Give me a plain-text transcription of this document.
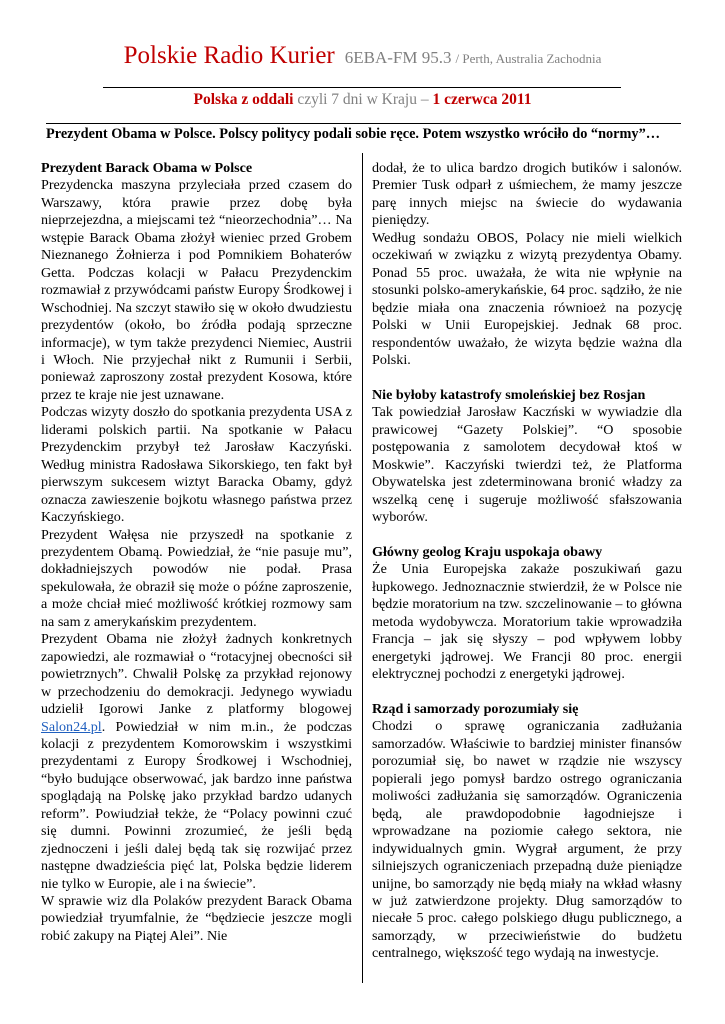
Polskie Radio Kurier 6EBA-FM 95.3 / Perth, Australia Zachodnia
Polska z oddali czyli 7 dni w Kraju – 1 czerwca 2011
Prezydent Obama w Polsce. Polscy politycy podali sobie ręce. Potem wszystko wróciło do “normy”…
Prezydent Barack Obama w Polsce

Prezydencka maszyna przyleciała przed czasem do Warszawy, która prawie przez dobę była nieprzejezdna, a miejscami też “nieorzechodnia”… Na wstępie Barack Obama złożył wieniec przed Grobem Nieznanego Żołnierza i pod Pomnikiem Bohaterów Getta. Podczas kolacji w Pałacu Prezydenckim rozmawiał z przywódcami państw Europy Środkowej i Wschodniej. Na szczyt stawiło się w około dwudziestu prezydentów (około, bo źródła podają sprzeczne informacje), w tym także prezydenci Niemiec, Austrii i Włoch. Nie przyjechał nikt z Rumunii i Serbii, ponieważ zaproszony został prezydent Kosowa, które przez te kraje nie jest uznawane.

Podczas wizyty doszło do spotkania prezydenta USA z liderami polskich partii. Na spotkanie w Pałacu Prezydenckim przybył też Jarosław Kaczyński. Według ministra Radosława Sikorskiego, ten fakt był pierwszym sukcesem wiztyt Baracka Obamy, gdyż oznacza zawieszenie bojkotu własnego państwa przez Kaczyńskiego.

Prezydent Wałęsa nie przyszedł na spotkanie z prezydentem Obamą. Powiedział, że “nie pasuje mu”, dokładniejszych powodów nie podał. Prasa spekulowała, że obraził się może o późne zaproszenie, a może chciał mieć możliwość krótkiej rozmowy sam na sam z amerykańskim prezydentem.

Prezydent Obama nie złożył żadnych konkretnych zapowiedzi, ale rozmawiał o “rotacyjnej obecności sił powietrznych”. Chwalił Polskę za przykład rejonowy w przechodzeniu do demokracji. Jedynego wywiadu udzielił Igorowi Janke z platformy blogowej Salon24.pl. Powiedział w nim m.in., że podczas kolacji z prezydentem Komorowskim i wszystkimi prezydentami z Europy Środkowej i Wschodniej, “było budujące obserwować, jak bardzo inne państwa spoglądają na Polskę jako przykład bardzo udanych reform”. Powiudział tekże, że “Polacy powinni czuć się dumni. Powinni zrozumieć, że jeśli będą zjednoczeni i jeśli dalej będą tak się rozwijać przez następne dwadzieścia pięć lat, Polska będzie liderem nie tylko w Europie, ale i na świecie”.

W sprawie wiz dla Polaków prezydent Barack Obama powiedział tryumfalnie, że “będziecie jeszcze mogli robić zakupy na Piątej Alei”. Nie

dodał, że to ulica bardzo drogich butików i salonów. Premier Tusk odparł z uśmiechem, że mamy jeszcze parę innych miejsc na świecie do wydawania pieniędzy.

Według sondażu OBOS, Polacy nie mieli wielkich oczekiwań w związku z wizytą prezydentya Obamy. Ponad 55 proc. uważała, że wita nie wpłynie na stosunki polsko-amerykańskie, 64 proc. sądziło, że nie będzie miała ona znaczenia równioeż na pozycję Polski w Unii Europejskiej. Jednak 68 proc. respondentów uważało, że wizyta będzie ważna dla Polski.

Nie byłoby katastrofy smoleńskiej bez Rosjan

Tak powiedział Jarosław Kaczński w wywiadzie dla prawicowej “Gazety Polskiej”. “O sposobie postępowania z samolotem decydował ktoś w Moskwie”. Kaczyński twierdzi też, że Platforma Obywatelska jest zdeterminowana bronić władzy za wszelką cenę i sugeruje możliwość sfałszowania wyborów.

Główny geolog Kraju uspokaja obawy

Że Unia Europejska zakaże poszukiwań gazu łupkowego. Jednoznacznie stwierdził, że w Polsce nie będzie moratorium na tzw. szczelinowanie – to główna metoda wydobywcza. Moratorium takie wprowadziła Francja – jak się słyszy – pod wpływem lobby energetyki jądrowej. We Francji 80 proc. energii elektrycznej pochodzi z energetyki jądrowej.

Rząd i samorzady porozumiały się

Chodzi o sprawę ograniczania zadłużania samorzadów. Właściwie to bardziej minister finansów porozumiał się, bo nawet w rządzie nie wszyscy popierali jego pomysł bardzo ostrego ograniczania moliwości zadłużania się samorządów. Ograniczenia będą, ale prawdopodobnie łagodniejsze i wprowadzane na poziomie całego sektora, nie indywidualnych gmin. Wygrał argument, że przy silniejszych ograniczeniach przepadną duże pieniądze unijne, bo samorządy nie będą miały na wkład własny w już zatwierdzone projekty. Dług samorządów to niecałe 5 proc. całego polskiego długu publicznego, a samorządy, w przeciwieństwie do budżetu centralnego, większość tego wydają na inwestycje.
